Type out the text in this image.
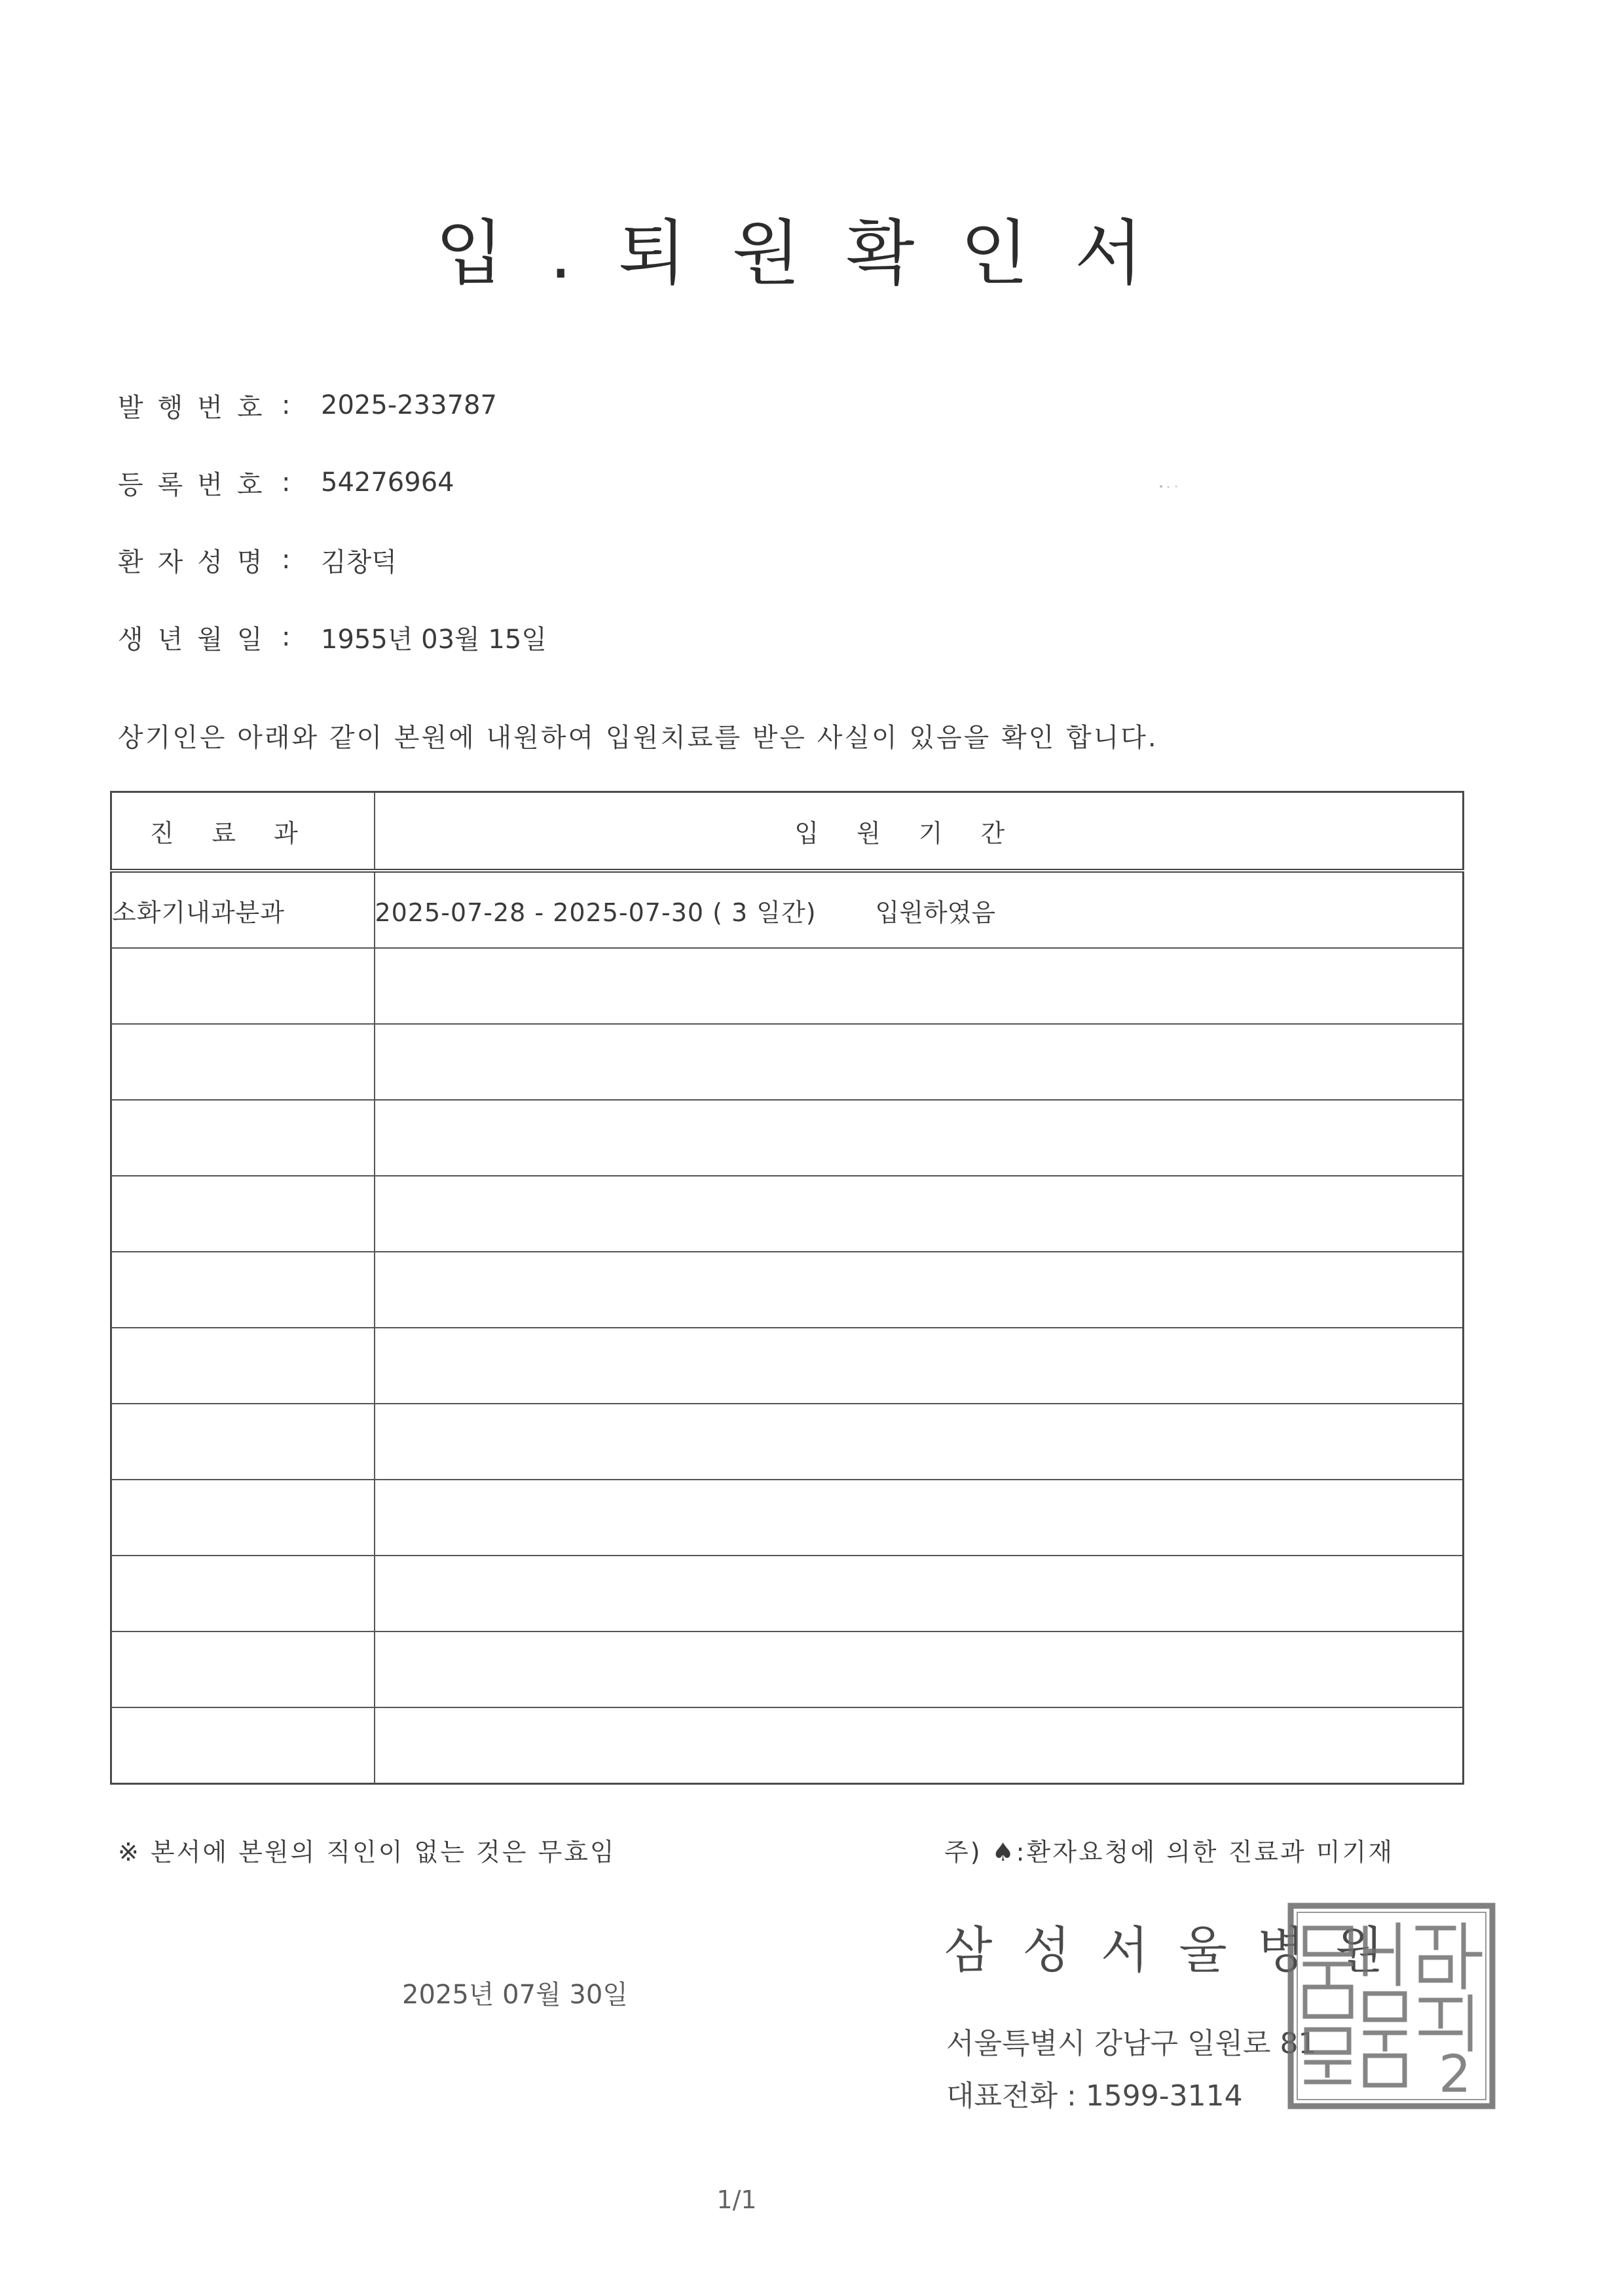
입.퇴원확인서
발행번호 :	2025-233787
등록번호 :	54276964
환자성명 :	김창덕
생년월일 :	1955년 03월 15일
상기인은 아래와 같이 본원에 내원하여 입원치료를 받은 사실이 있음을 확인 합니다.
진료과	입원기간
소화기내과분과	2025-07-28 - 2025-07-30 ( 3 일간) 입원하였음

※ 본서에 본원의 직인이 없는 것은 무효임	주) ♠:환자요청에 의한 진료과 미기재
삼성서울병원
2025년 07월 30일
서울특별시 강남구 일원로 81
대표전화 : 1599-3114	2
1/1
